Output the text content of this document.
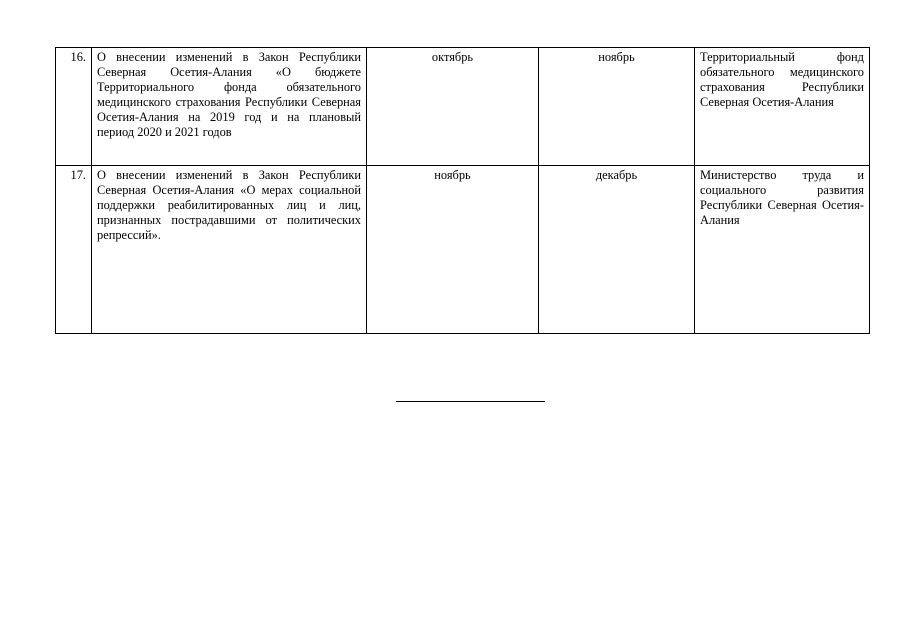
16.	О внесении изменений в Закон Республики Северная Осетия-Алания «О бюджете Территориального фонда обязательного медицинского страхования Республики Северная Осетия-Алания на 2019 год и на плановый период 2020 и 2021 годов	октябрь	ноябрь	Территориальный фонд обязательного медицинского страхования Республики Северная Осетия-Алания
17.	О внесении изменений в Закон Республики Северная Осетия-Алания «О мерах социальной поддержки реабилитированных лиц и лиц, признанных пострадавшими от политических репрессий».	ноябрь	декабрь	Министерство труда и социального развития Республики Северная Осетия-Алания
